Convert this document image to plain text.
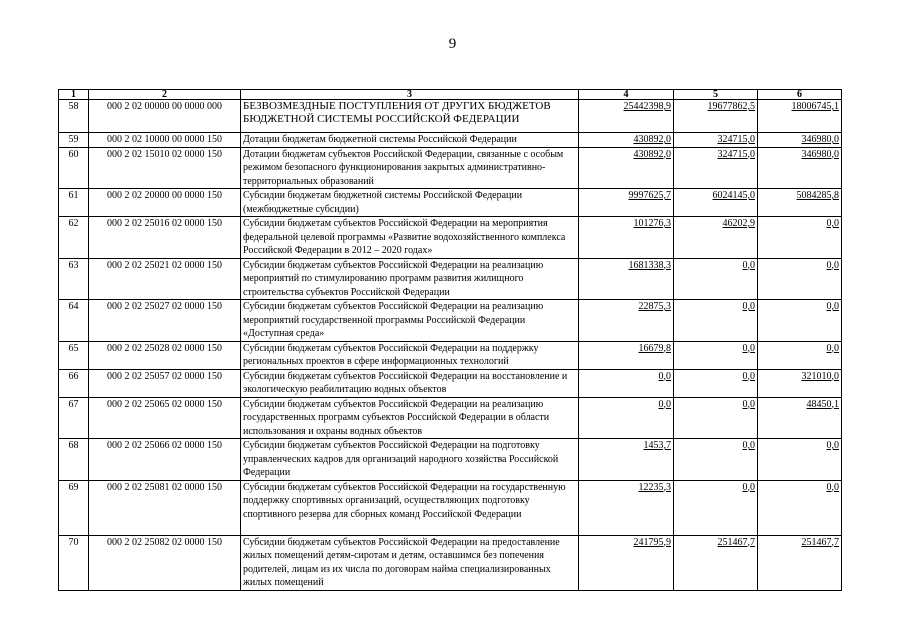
9
1	2	3	4	5	6
58	000 2 02 00000 00 0000 000	БЕЗВОЗМЕЗДНЫЕ ПОСТУПЛЕНИЯ ОТ ДРУГИХ БЮДЖЕТОВ БЮДЖЕТНОЙ СИСТЕМЫ РОССИЙСКОЙ ФЕДЕРАЦИИ	25442398,9	19677862,5	18006745,1
59	000 2 02 10000 00 0000 150	Дотации бюджетам бюджетной системы Российской Федерации	430892,0	324715,0	346980,0
60	000 2 02 15010 02 0000 150	Дотации бюджетам субъектов Российской Федерации, связанные с особым режимом безопасного функционирования закрытых административно-территориальных образований	430892,0	324715,0	346980,0
61	000 2 02 20000 00 0000 150	Субсидии бюджетам бюджетной системы Российской Федерации (межбюджетные субсидии)	9997625,7	6024145,0	5084285,8
62	000 2 02 25016 02 0000 150	Субсидии бюджетам субъектов Российской Федерации на мероприятия федеральной целевой программы «Развитие водохозяйственного комплекса Российской Федерации в 2012 – 2020 годах»	101276,3	46202,9	0,0
63	000 2 02 25021 02 0000 150	Субсидии бюджетам субъектов Российской Федерации на реализацию мероприятий по стимулированию программ развития жилищного строительства субъектов Российской Федерации	1681338,3	0,0	0,0
64	000 2 02 25027 02 0000 150	Субсидии бюджетам субъектов Российской Федерации на реализацию мероприятий государственной программы Российской Федерации «Доступная среда»	22875,3	0,0	0,0
65	000 2 02 25028 02 0000 150	Субсидии бюджетам субъектов Российской Федерации на поддержку региональных проектов в сфере информационных технологий	16679,8	0,0	0,0
66	000 2 02 25057 02 0000 150	Субсидии бюджетам субъектов Российской Федерации на восстановление и экологическую реабилитацию водных объектов	0,0	0,0	321010,0
67	000 2 02 25065 02 0000 150	Субсидии бюджетам субъектов Российской Федерации на реализацию государственных программ субъектов Российской Федерации в области использования и охраны водных объектов	0,0	0,0	48450,1
68	000 2 02 25066 02 0000 150	Субсидии бюджетам субъектов Российской Федерации на подготовку управленческих кадров для организаций народного хозяйства Российской Федерации	1453,7	0,0	0,0
69	000 2 02 25081 02 0000 150	Субсидии бюджетам субъектов Российской Федерации на государственную поддержку спортивных организаций, осуществляющих подготовку спортивного резерва для сборных команд Российской Федерации	12235,3	0,0	0,0
70	000 2 02 25082 02 0000 150	Субсидии бюджетам субъектов Российской Федерации на предоставление жилых помещений детям-сиротам и детям, оставшимся без попечения родителей, лицам из их числа по договорам найма специализированных жилых помещений	241795,9	251467,7	251467,7
